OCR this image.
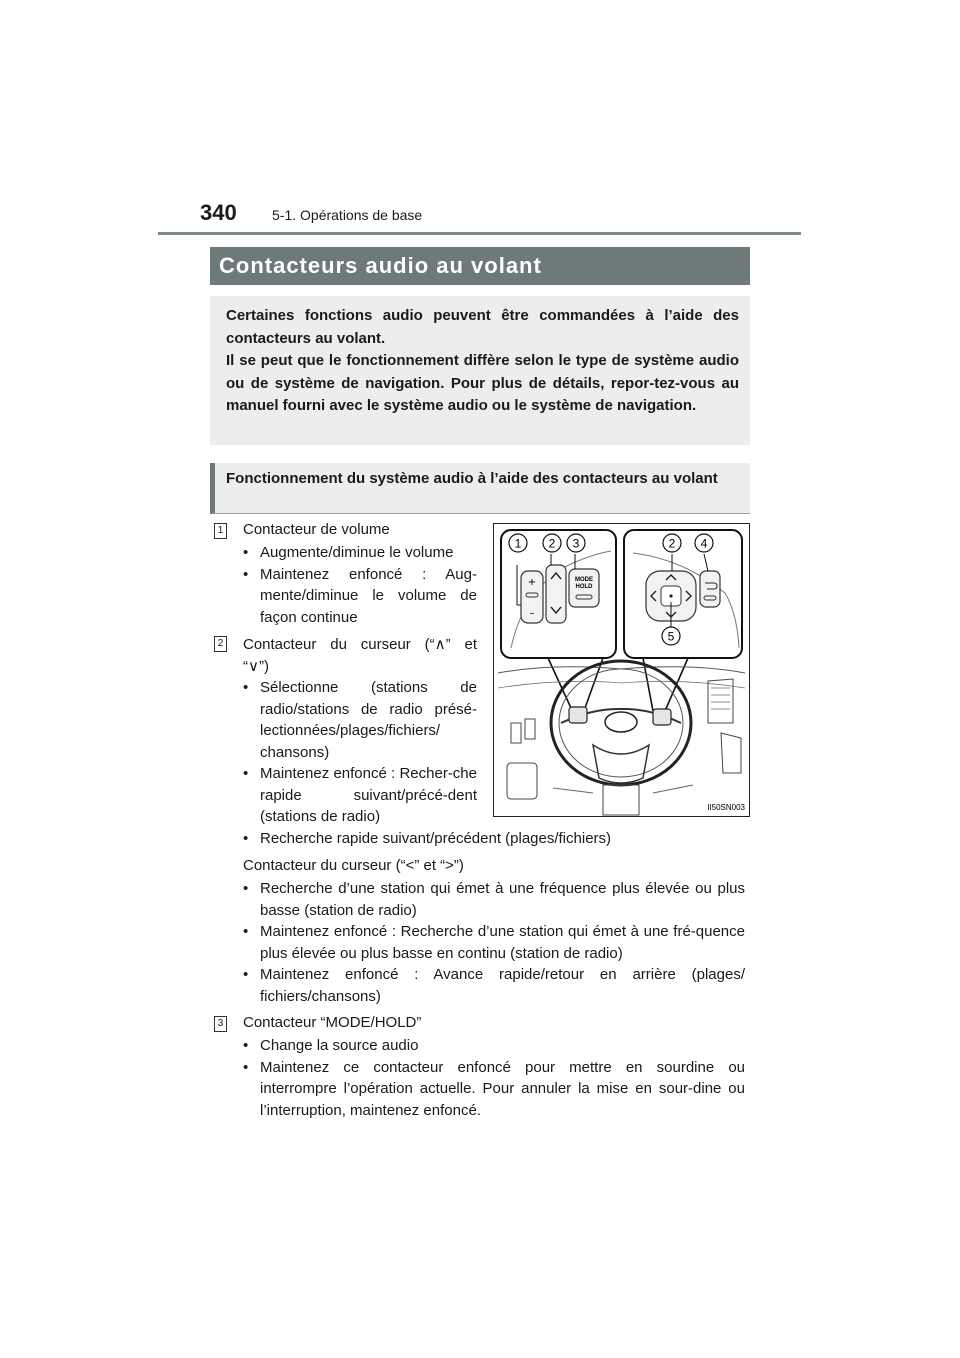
340	5-1. Opérations de base
Contacteurs audio au volant

Certaines fonctions audio peuvent être commandées à l’aide des contacteurs au volant.

Il se peut que le fonctionnement diffère selon le type de système audio ou de système de navigation. Pour plus de détails, repor-tez-vous au manuel fourni avec le système audio ou le système de navigation.

Fonctionnement du système audio à l’aide des contacteurs au volant
1 Contacteur de volume
• Augmente/diminue le volume
• Maintenez enfoncé : Aug-mente/diminue le volume de façon continue
2 Contacteur du curseur (“∧” et
“∨”)
• Sélectionne (stations de radio/stations de radio présé-lectionnées/plages/fichiers/ chansons)
• Maintenez enfoncé : Recher-che rapide suivant/précé-dent (stations de radio)
• Recherche rapide suivant/précédent (plages/fichiers)
Contacteur du curseur (“<” et “>”)
• Recherche d’une station qui émet à une fréquence plus élevée ou plus basse (station de radio)
• Maintenez enfoncé : Recherche d’une station qui émet à une fré-quence plus élevée ou plus basse en continu (station de radio)
• Maintenez enfoncé : Avance rapide/retour en arrière (plages/ fichiers/chansons)
3 Contacteur “MODE/HOLD”
• Change la source audio
• Maintenez ce contacteur enfoncé pour mettre en sourdine ou interrompre l’opération actuelle. Pour annuler la mise en sour-dine ou l’interruption, maintenez enfoncé.
+
–
MODE
HOLD
1 2 3	2 4
5
II50SN003
